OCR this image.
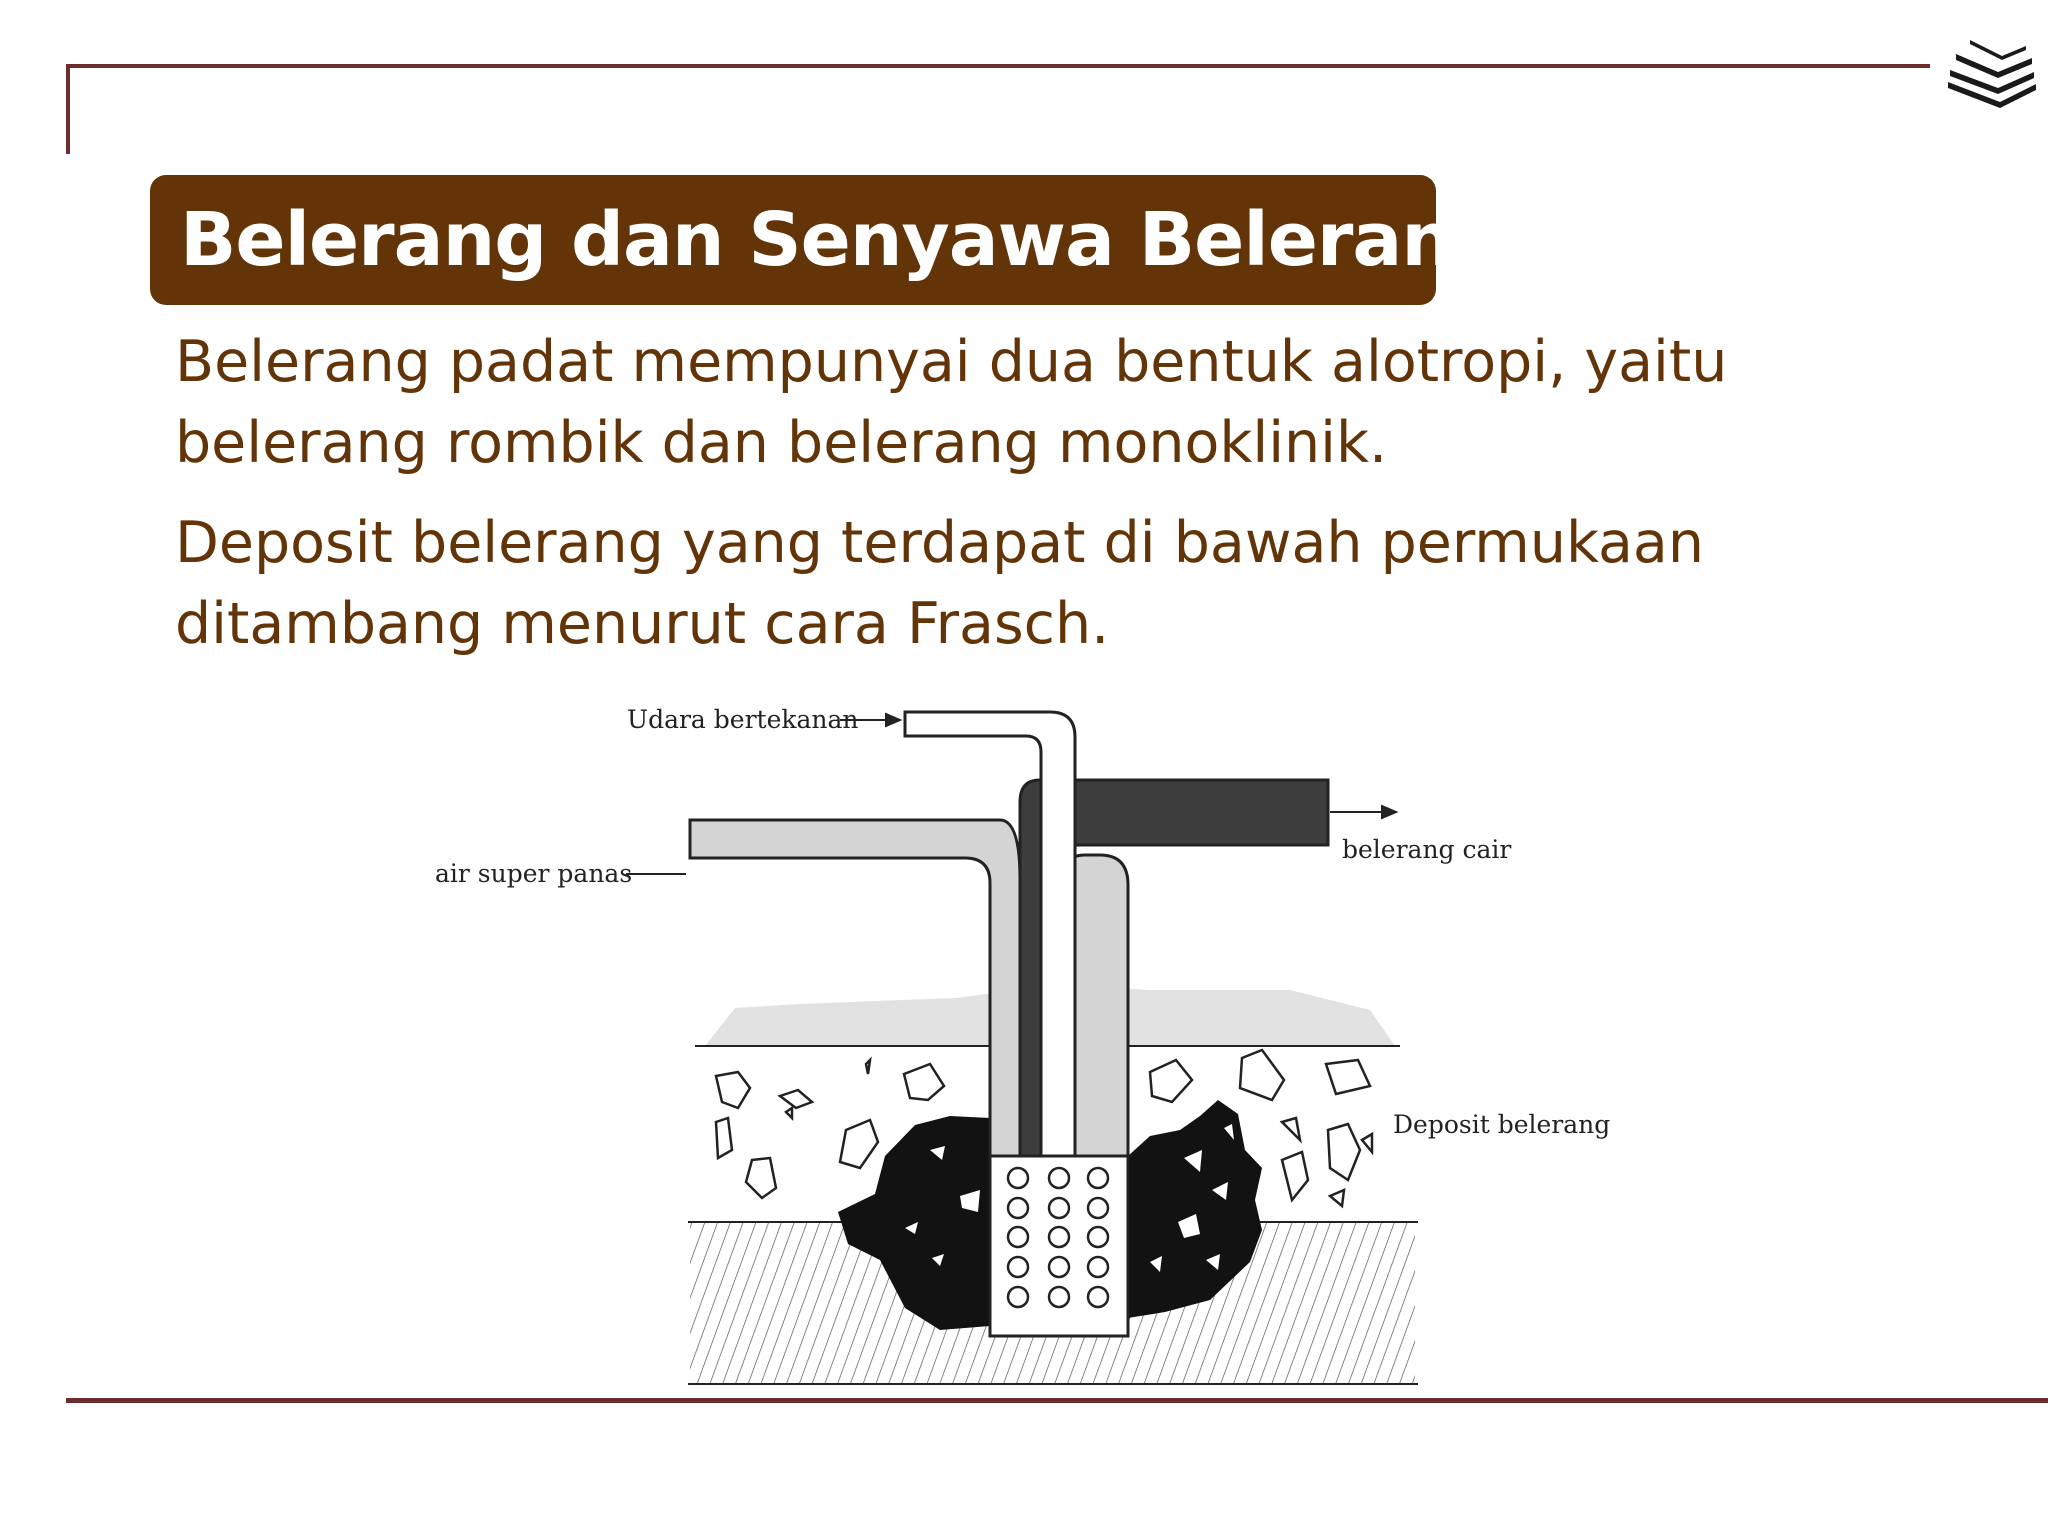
Belerang dan Senyawa Belerang
Belerang padat mempunyai dua bentuk alotropi, yaitu belerang rombik dan belerang monoklinik.
Deposit belerang yang terdapat di bawah permukaan ditambang menurut cara Frasch.
Udara bertekanan
air super panas
belerang cair
Deposit belerang
